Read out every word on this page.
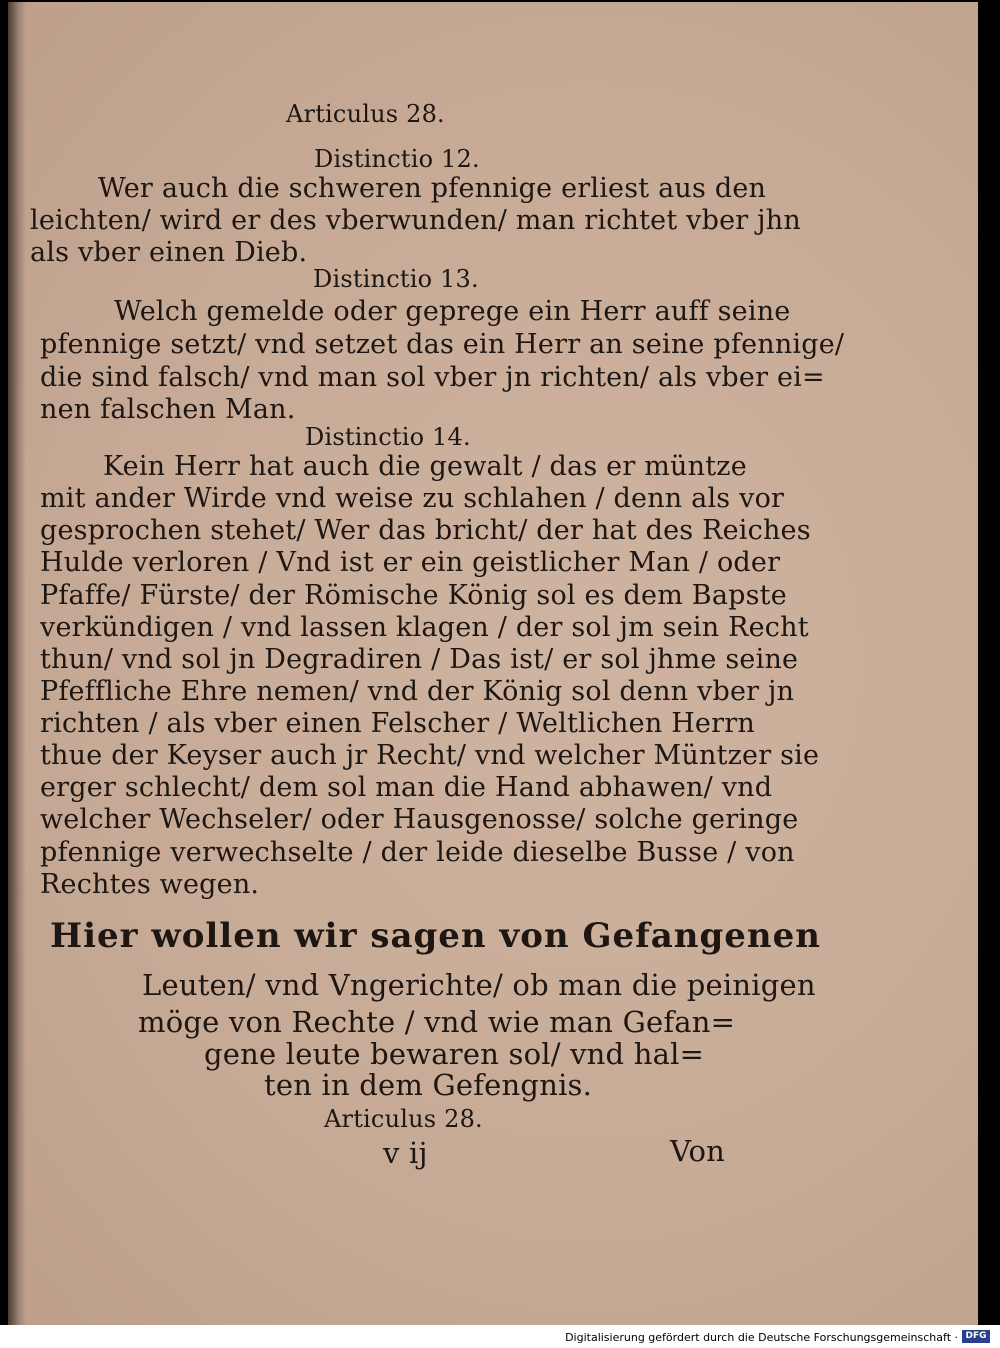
Articulus 28.
Distinctio 12.
Wer auch die schweren pfennige erliest aus den
leichten/ wird er des vberwunden/ man richtet vber jhn
als vber einen Dieb.
Distinctio 13.
Welch gemelde oder geprege ein Herr auff seine
pfennige setzt/ vnd setzet das ein Herr an seine pfennige/
die sind falsch/ vnd man sol vber jn richten/ als vber ei=
nen falschen Man.
Distinctio 14.
Kein Herr hat auch die gewalt / das er müntze
mit ander Wirde vnd weise zu schlahen / denn als vor
gesprochen stehet/ Wer das bricht/ der hat des Reiches
Hulde verloren / Vnd ist er ein geistlicher Man / oder
Pfaffe/ Fürste/ der Römische König sol es dem Bapste
verkündigen / vnd lassen klagen / der sol jm sein Recht
thun/ vnd sol jn Degradiren / Das ist/ er sol jhme seine
Pfeffliche Ehre nemen/ vnd der König sol denn vber jn
richten / als vber einen Felscher / Weltlichen Herrn
thue der Keyser auch jr Recht/ vnd welcher Müntzer sie
erger schlecht/ dem sol man die Hand abhawen/ vnd
welcher Wechseler/ oder Hausgenosse/ solche geringe
pfennige verwechselte / der leide dieselbe Busse / von
Rechtes wegen.
Hier wollen wir sagen von Gefangenen
Leuten/ vnd Vngerichte/ ob man die peinigen
möge von Rechte / vnd wie man Gefan=
gene leute bewaren sol/ vnd hal=
ten in dem Gefengnis.
Articulus 28.
v ij	Von
Digitalisierung gefördert durch die Deutsche Forschungsgemeinschaft · DFG
